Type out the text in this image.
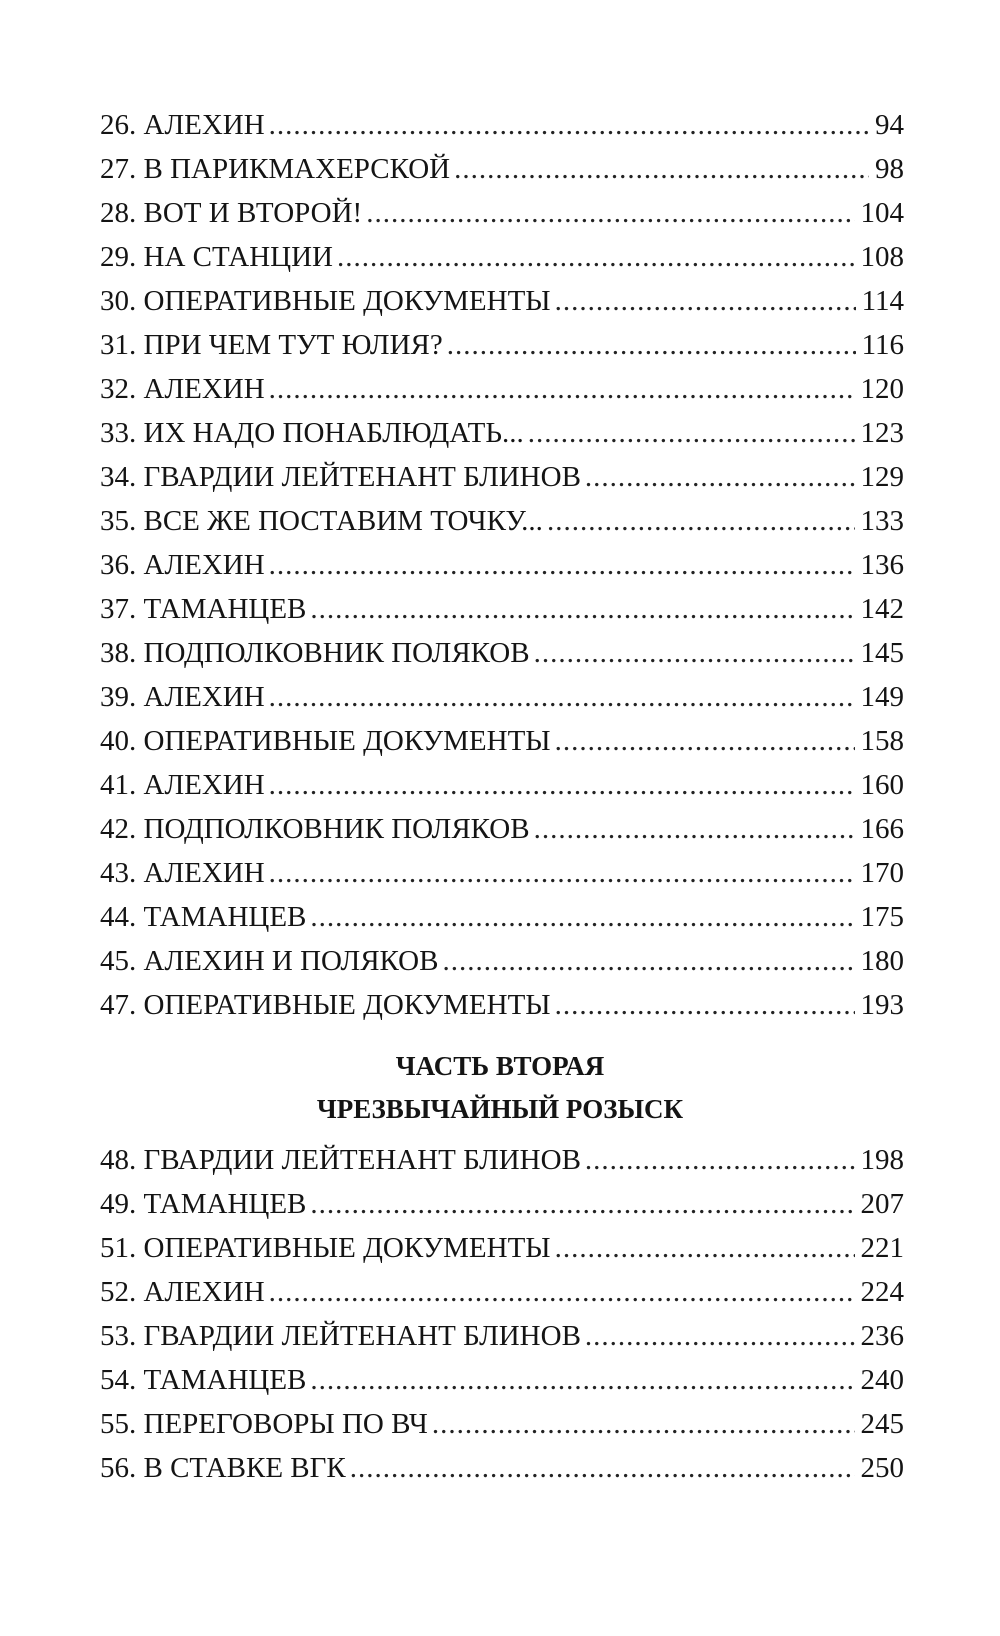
26. АЛЕХИН .....	94
27. В ПАРИКМАХЕРСКОЙ .....	98
28. ВОТ И ВТОРОЙ! .....	104
29. НА СТАНЦИИ .....	108
30. ОПЕРАТИВНЫЕ ДОКУМЕНТЫ .....	114
31. ПРИ ЧЕМ ТУТ ЮЛИЯ? .....	116
32. АЛЕХИН .....	120
33. ИХ НАДО ПОНАБЛЮДАТЬ... .....	123
34. ГВАРДИИ ЛЕЙТЕНАНТ БЛИНОВ .....	129
35. ВСЕ ЖЕ ПОСТАВИМ ТОЧКУ... .....	133
36. АЛЕХИН .....	136
37. ТАМАНЦЕВ .....	142
38. ПОДПОЛКОВНИК ПОЛЯКОВ .....	145
39. АЛЕХИН .....	149
40. ОПЕРАТИВНЫЕ ДОКУМЕНТЫ .....	158
41. АЛЕХИН .....	160
42. ПОДПОЛКОВНИК ПОЛЯКОВ .....	166
43. АЛЕХИН .....	170
44. ТАМАНЦЕВ .....	175
45. АЛЕХИН И ПОЛЯКОВ .....	180
47. ОПЕРАТИВНЫЕ ДОКУМЕНТЫ .....	193
ЧАСТЬ ВТОРАЯ
ЧРЕЗВЫЧАЙНЫЙ РОЗЫСК
48. ГВАРДИИ ЛЕЙТЕНАНТ БЛИНОВ .....	198
49. ТАМАНЦЕВ .....	207
51. ОПЕРАТИВНЫЕ ДОКУМЕНТЫ .....	221
52. АЛЕХИН .....	224
53. ГВАРДИИ ЛЕЙТЕНАНТ БЛИНОВ .....	236
54. ТАМАНЦЕВ .....	240
55. ПЕРЕГОВОРЫ ПО ВЧ .....	245
56. В СТАВКЕ ВГК .....	250
